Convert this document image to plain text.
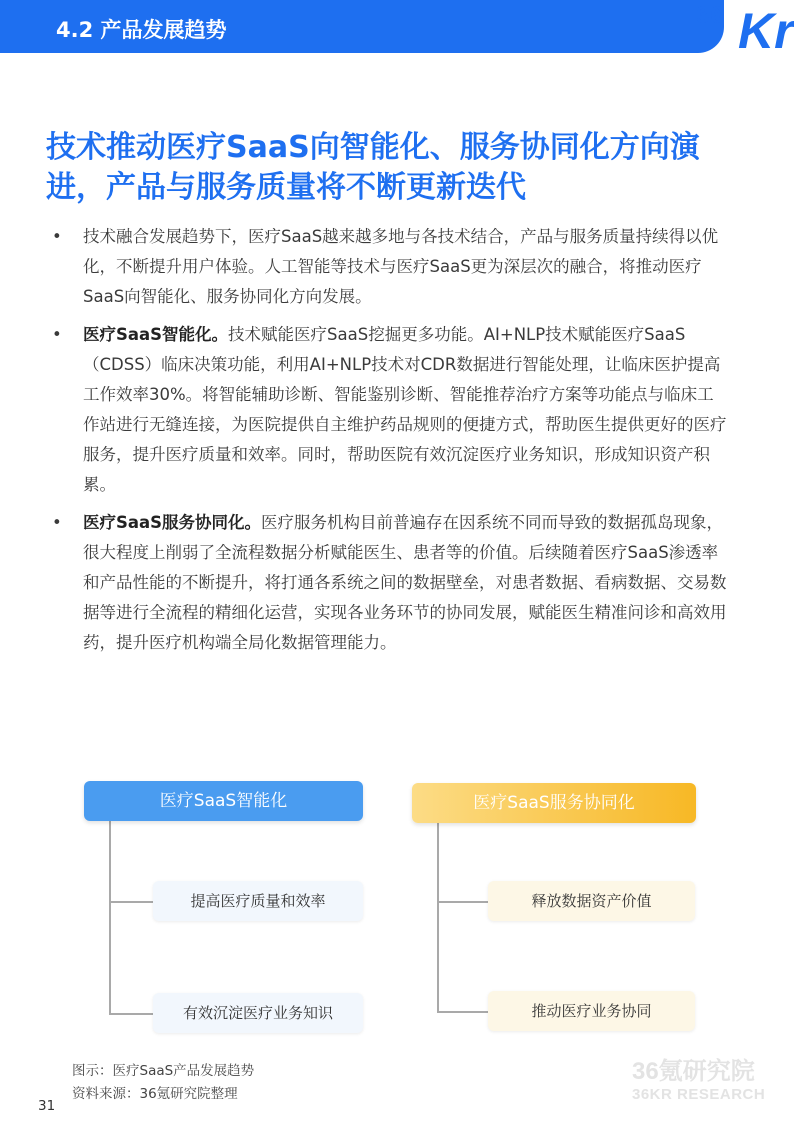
4.2 产品发展趋势
36 Kr
技术推动医疗SaaS向智能化、服务协同化方向演进，产品与服务质量将不断更新迭代
• 技术融合发展趋势下，医疗SaaS越来越多地与各技术结合，产品与服务质量持续得以优化，不断提升用户体验。人工智能等技术与医疗SaaS更为深层次的融合，将推动医疗SaaS向智能化、服务协同化方向发展。
• 医疗SaaS智能化。技术赋能医疗SaaS挖掘更多功能。AI+NLP技术赋能医疗SaaS（CDSS）临床决策功能，利用AI+NLP技术对CDR数据进行智能处理，让临床医护提高工作效率30%。将智能辅助诊断、智能鉴别诊断、智能推荐治疗方案等功能点与临床工作站进行无缝连接，为医院提供自主维护药品规则的便捷方式，帮助医生提供更好的医疗服务，提升医疗质量和效率。同时，帮助医院有效沉淀医疗业务知识，形成知识资产积累。
• 医疗SaaS服务协同化。医疗服务机构目前普遍存在因系统不同而导致的数据孤岛现象，很大程度上削弱了全流程数据分析赋能医生、患者等的价值。后续随着医疗SaaS渗透率和产品性能的不断提升，将打通各系统之间的数据壁垒，对患者数据、看病数据、交易数据等进行全流程的精细化运营，实现各业务环节的协同发展，赋能医生精准问诊和高效用药，提升医疗机构端全局化数据管理能力。
医疗SaaS智能化	医疗SaaS服务协同化
提高医疗质量和效率
有效沉淀医疗业务知识
释放数据资产价值
推动医疗业务协同
图示：医疗SaaS产品发展趋势
资料来源：36氪研究院整理
36氪研究院
36KR RESEARCH
31
